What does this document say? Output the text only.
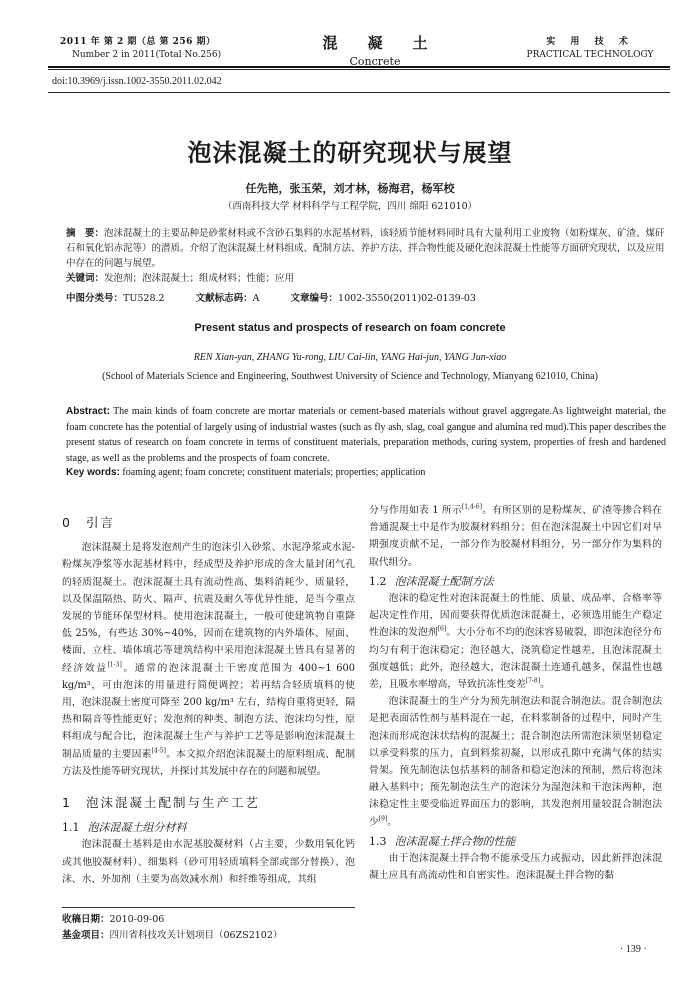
2011 年 第 2 期（总 第 256 期）
Number 2 in 2011(Total No.256)
混凝土
Concrete
实 用 技 术
PRACTICAL TECHNOLOGY
doi:10.3969/j.issn.1002-3550.2011.02.042
泡沫混凝土的研究现状与展望
任先艳，张玉荣，刘才林，杨海君，杨军校
（西南科技大学 材料科学与工程学院，四川 绵阳 621010）
摘　要：泡沫混凝土的主要品种是砂浆材料或不含砂石集料的水泥基材料，该轻质节能材料同时具有大量利用工业废物（如粉煤灰、矿渣、煤矸石和氧化铝赤泥等）的潜质。介绍了泡沫混凝土材料组成、配制方法、养护方法、拌合物性能及硬化泡沫混凝土性能等方面研究现状，以及应用中存在的问题与展望。
关键词：发泡剂；泡沫混凝土；组成材料；性能；应用
中图分类号：TU528.2	文献标志码：A	文章编号：1002-3550(2011)02-0139-03
Present status and prospects of research on foam concrete
REN Xian-yan, ZHANG Yu-rong, LIU Cai-lin, YANG Hai-jun, YANG Jun-xiao
(School of Materials Science and Engineering, Southwest University of Science and Technology, Mianyang 621010, China)
Abstract: The main kinds of foam concrete are mortar materials or cement-based materials without gravel aggregate.As lightweight material, the foam concrete has the potential of largely using of industrial wastes (such as fly ash, slag, coal gangue and alumina red mud).This paper describes the present status of research on foam concrete in terms of constituent materials, preparation methods, curing system, properties of fresh and hardened stage, as well as the problems and the prospects of foam concrete.
Key words: foaming agent; foam concrete; constituent materials; properties; application
0 引言

泡沫混凝土是将发泡剂产生的泡沫引入砂浆、水泥净浆或水泥-粉煤灰净浆等水泥基材料中，经成型及养护形成的含大量封闭气孔的轻质混凝土。泡沫混凝土具有流动性高、集料消耗少、质量轻，以及保温隔热、防火、隔声、抗震及耐久等优异性能，是当今重点发展的节能环保型材料。使用泡沫混凝土，一般可使建筑物自重降低 25%，有些达 30%~40%，因而在建筑物的内外墙体、屋面、楼面、立柱、墙体填芯等建筑结构中采用泡沫混凝土皆具有显著的经济效益[1-3]。通常的泡沫混凝土干密度范围为 400~1 600 kg/m³，可由泡沫的用量进行简便调控；若再结合轻质填料的使用，泡沫混凝土密度可降至 200 kg/m³ 左右，结构自重将更轻，隔热和隔音等性能更好；发泡剂的种类、制泡方法、泡沫均匀性，原料组成与配合比，泡沫混凝土生产与养护工艺等是影响泡沫混凝土制品质量的主要因素[4-5]。本文拟介绍泡沫混凝土的原料组成、配制方法及性能等研究现状，并探讨其发展中存在的问题和展望。

1 泡沫混凝土配制与生产工艺
1.1 泡沫混凝土组分材料

泡沫混凝土基料是由水泥基胶凝材料（占主要，少数用氧化钙或其他胶凝材料）、细集料（砂可用轻质填料全部或部分替换）、泡沫、水、外加剂（主要为高效减水剂）和纤维等组成，其组

分与作用如表 1 所示[1,4-6]。有所区别的是粉煤灰、矿渣等掺合料在普通混凝土中是作为胶凝材料组分；但在泡沫混凝土中因它们对早期强度贡献不足，一部分作为胶凝材料组分，另一部分作为集料的取代组分。

1.2 泡沫混凝土配制方法

泡沫的稳定性对泡沫混凝土的性能、质量、成品率、合格率等起决定性作用，因而要获得优质泡沫混凝土，必须选用能生产稳定性泡沫的发泡剂[6]。大小分布不均的泡沫容易破裂，即泡沫泡径分布均匀有利于泡沫稳定；泡径越大，浇筑稳定性越差，且泡沫混凝土强度越低；此外，泡径越大，泡沫混凝土连通孔越多，保温性也越差，且吸水率增高，导致抗冻性变差[7-8]。

泡沫混凝土的生产分为预先制泡法和混合制泡法。混合制泡法是把表面活性剂与基料混在一起，在料浆制备的过程中，同时产生泡沫而形成泡沫状结构的混凝土；混合制泡法所需泡沫须坚韧稳定以承受料浆的压力，直到料浆初凝，以形成孔隙中充满气体的结实骨架。预先制泡法包括基料的制备和稳定泡沫的预制，然后将泡沫融入基料中；预先制泡法生产的泡沫分为湿泡沫和干泡沫两种，泡沫稳定性主要受临近界面压力的影响，其发泡剂用量较混合制泡法少[9]。

1.3 泡沫混凝土拌合物的性能

由于泡沫混凝土拌合物不能承受压力或振动，因此新拌泡沫混凝土应具有高流动性和自密实性。泡沫混凝土拌合物的黏

收稿日期：2010-09-06
基金项目：四川省科技攻关计划项目（06ZS2102）
· 139 ·
